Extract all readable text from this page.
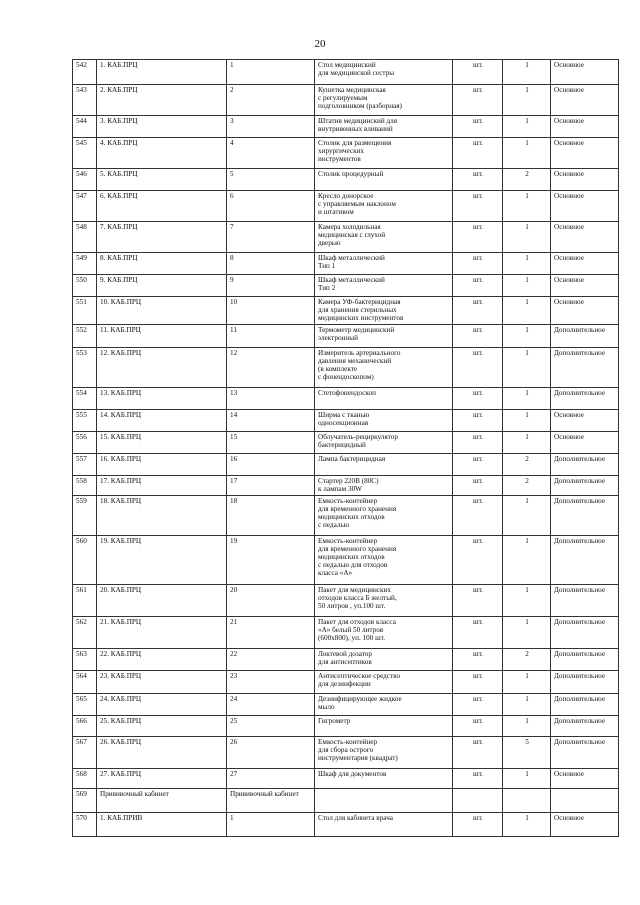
20
542	1. КАБ.ПРЦ	1	Стол медицинский
для медицинской сестры	шт.	1	Основное
543	2. КАБ.ПРЦ	2	Кушетка медицинская
с регулируемым
подголовником (разборная)	шт.	1	Основное
544	3. КАБ.ПРЦ	3	Штатив медицинский для
внутривенных вливаний	шт.	1	Основное
545	4. КАБ.ПРЦ	4	Столик для размещения
хирургических
инструментов	шт.	1	Основное
546	5. КАБ.ПРЦ	5	Столик процедурный	шт.	2	Основное
547	6. КАБ.ПРЦ	6	Кресло донорское
с управляемым наклоном
и штативом	шт.	1	Основное
548	7. КАБ.ПРЦ	7	Камера холодильная
медицинская с глухой
дверью	шт.	1	Основное
549	8. КАБ.ПРЦ	8	Шкаф металлический
Тип 1	шт.	1	Основное
550	9. КАБ.ПРЦ	9	Шкаф металлический
Тип 2	шт.	1	Основное
551	10. КАБ.ПРЦ	10	Камера УФ-бактерицидная
для хранения стерильных
медицинских инструментов	шт.	1	Основное
552	11. КАБ.ПРЦ	11	Термометр медицинский
электронный	шт.	1	Дополнительное
553	12. КАБ.ПРЦ	12	Измеритель артериального
давления механический
(в комплекте
с фонендоскопом)	шт.	1	Дополнительное
554	13. КАБ.ПРЦ	13	Стетофонендоскоп	шт.	1	Дополнительное
555	14. КАБ.ПРЦ	14	Ширма с тканью
односекционная	шт.	1	Основное
556	15. КАБ.ПРЦ	15	Облучатель-рециркулятор
бактерицидный	шт.	1	Основное
557	16. КАБ.ПРЦ	16	Лампа бактерицидная	шт.	2	Дополнительное
558	17. КАБ.ПРЦ	17	Стартер 220В (80С)
к лампам 30W	шт.	2	Дополнительное
559	18. КАБ.ПРЦ	18	Емкость-контейнер
для временного хранения
медицинских отходов
с педалью	шт.	1	Дополнительное
560	19. КАБ.ПРЦ	19	Емкость-контейнер
для временного хранения
медицинских отходов
с педалью для отходов
класса «А»	шт.	1	Дополнительное
561	20. КАБ.ПРЦ	20	Пакет для медицинских
отходов класса Б желтый,
50 литров , уп.100 шт.	шт.	1	Дополнительное
562	21. КАБ.ПРЦ	21	Пакет для отходов класса
«А» белый 50 литров
(600х800), уп. 100 шт.	шт.	1	Дополнительное
563	22. КАБ.ПРЦ	22	Локтевой дозатор
для антисептиков	шт.	2	Дополнительное
564	23. КАБ.ПРЦ	23	Антисептическое средство
для дезинфекции	шт.	1	Дополнительное
565	24. КАБ.ПРЦ	24	Дезинфицирующее жидкое
мыло	шт.	1	Дополнительное
566	25. КАБ.ПРЦ	25	Гигрометр	шт.	1	Дополнительное
567	26. КАБ.ПРЦ	26	Емкость-контейнер
для сбора острого
инструментария (квадрат)	шт.	5	Дополнительное
568	27. КАБ.ПРЦ	27	Шкаф для документов	шт.	1	Основное
569	Прививочный кабинет	Прививочный кабинет				
570	1. КАБ.ПРИВ	1	Стол для кабинета врача	шт.	1	Основное
